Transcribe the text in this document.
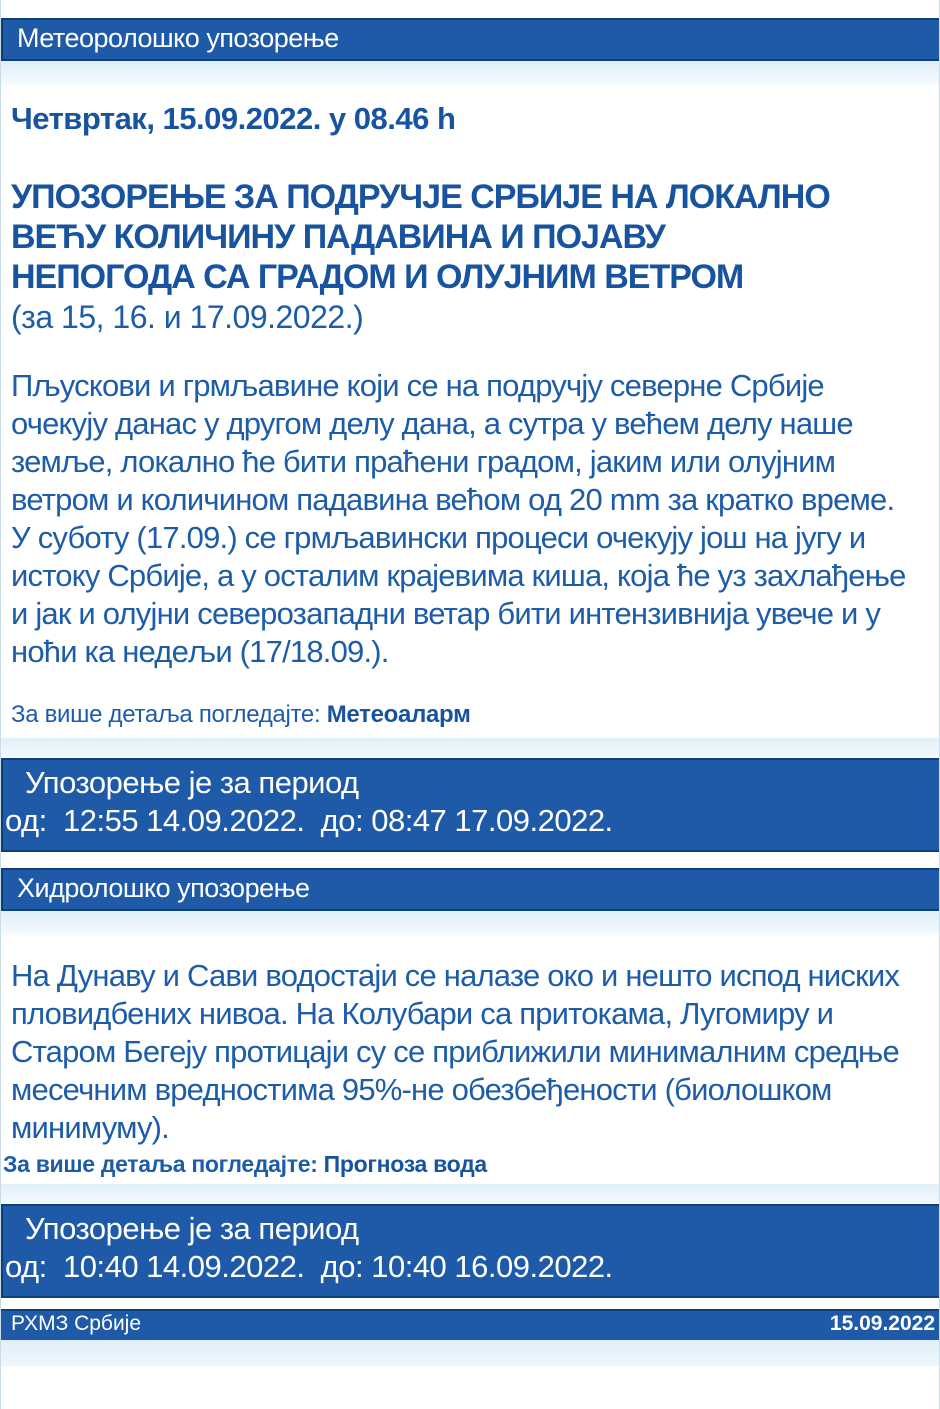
Метеоролошко упозорење
Четвртак, 15.09.2022. у 08.46 h
УПОЗОРЕЊЕ ЗА ПОДРУЧЈЕ СРБИЈЕ НА ЛОКАЛНО
ВЕЋУ КОЛИЧИНУ ПАДАВИНА И ПОЈАВУ
НЕПОГОДА СА ГРАДОМ И ОЛУЈНИМ ВЕТРОМ
(за 15, 16. и 17.09.2022.)

Пљускови и грмљавине који се на подручју северне Србије очекују данас у другом делу дана, а сутра у већем делу наше земље, локално ће бити праћени градом, јаким или олујним ветром и количином падавина већом од 20 mm за кратко време.

У суботу (17.09.) се грмљавински процеси очекују још на југу и истоку Србије, а у осталим крајевима киша, која ће уз захлађење и јак и олујни северозападни ветар бити интензивнија увече и у ноћи ка недељи (17/18.09.).

За више детаља погледајте: Метеоаларм
Упозорење је за период
од:  12:55 14.09.2022.  до: 08:47 17.09.2022.
Хидролошко упозорење

На Дунаву и Сави водостаји се налазе око и нешто испод ниских пловидбених нивоа. На Колубари са притокама, Лугомиру и Старом Бегеју протицаји су се приближили минималним средње месечним вредностима 95%-не обезбеђености (биолошком минимуму).

За више детаља погледајте: Прогноза вода
Упозорење је за период
од:  10:40 14.09.2022.  до: 10:40 16.09.2022.
РХМЗ Србије	15.09.2022
